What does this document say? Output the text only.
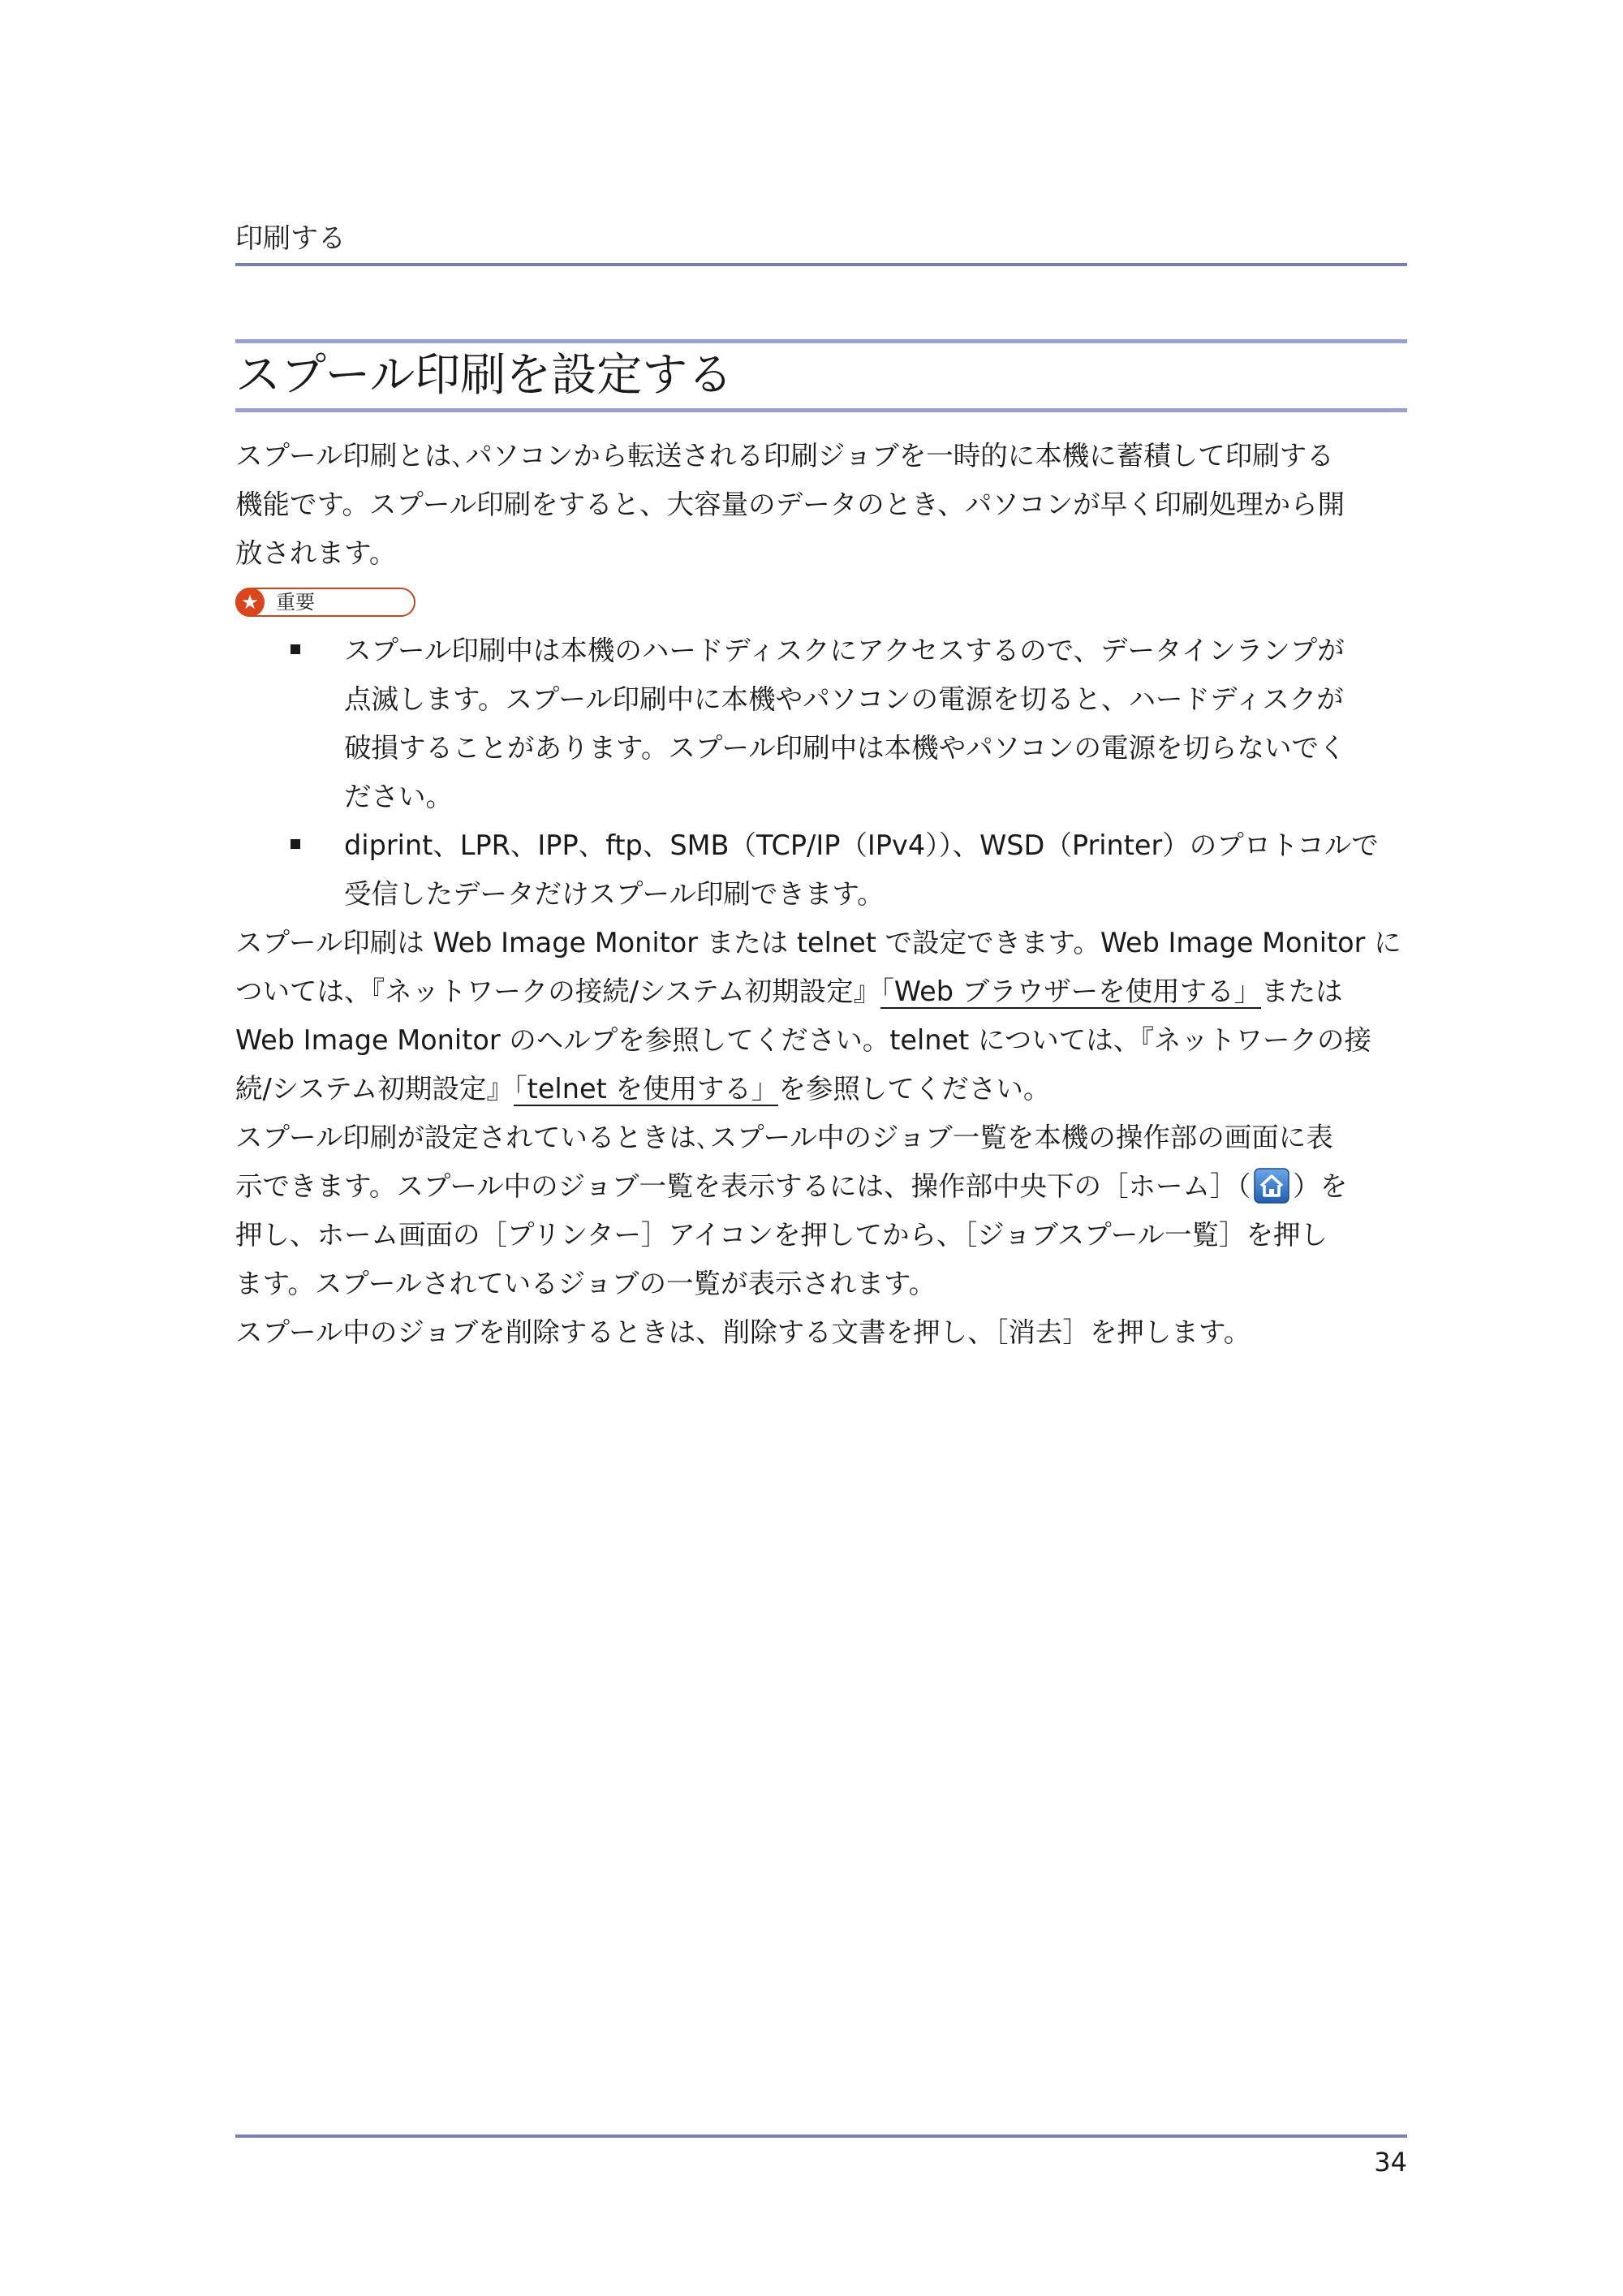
印刷する
スプール印刷を設定する

スプール印刷とは､パソコンから転送される印刷ジョブを一時的に本機に蓄積して印刷する
機能です。スプール印刷をすると、大容量のデータのとき、パソコンが早く印刷処理から開
放されます。

★ 重要
スプール印刷中は本機のハードディスクにアクセスするので、データインランプが
点滅します。スプール印刷中に本機やパソコンの電源を切ると、ハードディスクが
破損することがあります。スプール印刷中は本機やパソコンの電源を切らないでく
ださい。
diprint、LPR、IPP、ftp、SMB（TCP/IP（IPv4））、WSD（Printer）のプロトコルで
受信したデータだけスプール印刷できます。

スプール印刷は Web Image Monitor または telnet で設定できます。Web Image Monitor に
ついては、『ネットワークの接続/システム初期設定』「Web ブラウザーを使用する」または
Web Image Monitor のヘルプを参照してください。telnet については、『ネットワークの接
続/システム初期設定』「telnet を使用する」を参照してください。

スプール印刷が設定されているときは､スプール中のジョブ一覧を本機の操作部の画面に表
示できます。スプール中のジョブ一覧を表示するには、操作部中央下の［ホーム］（ ）を
押し、ホーム画面の［プリンター］アイコンを押してから、［ジョブスプール一覧］を押し
ます。スプールされているジョブの一覧が表示されます。

スプール中のジョブを削除するときは、削除する文書を押し、［消去］を押します。

34
